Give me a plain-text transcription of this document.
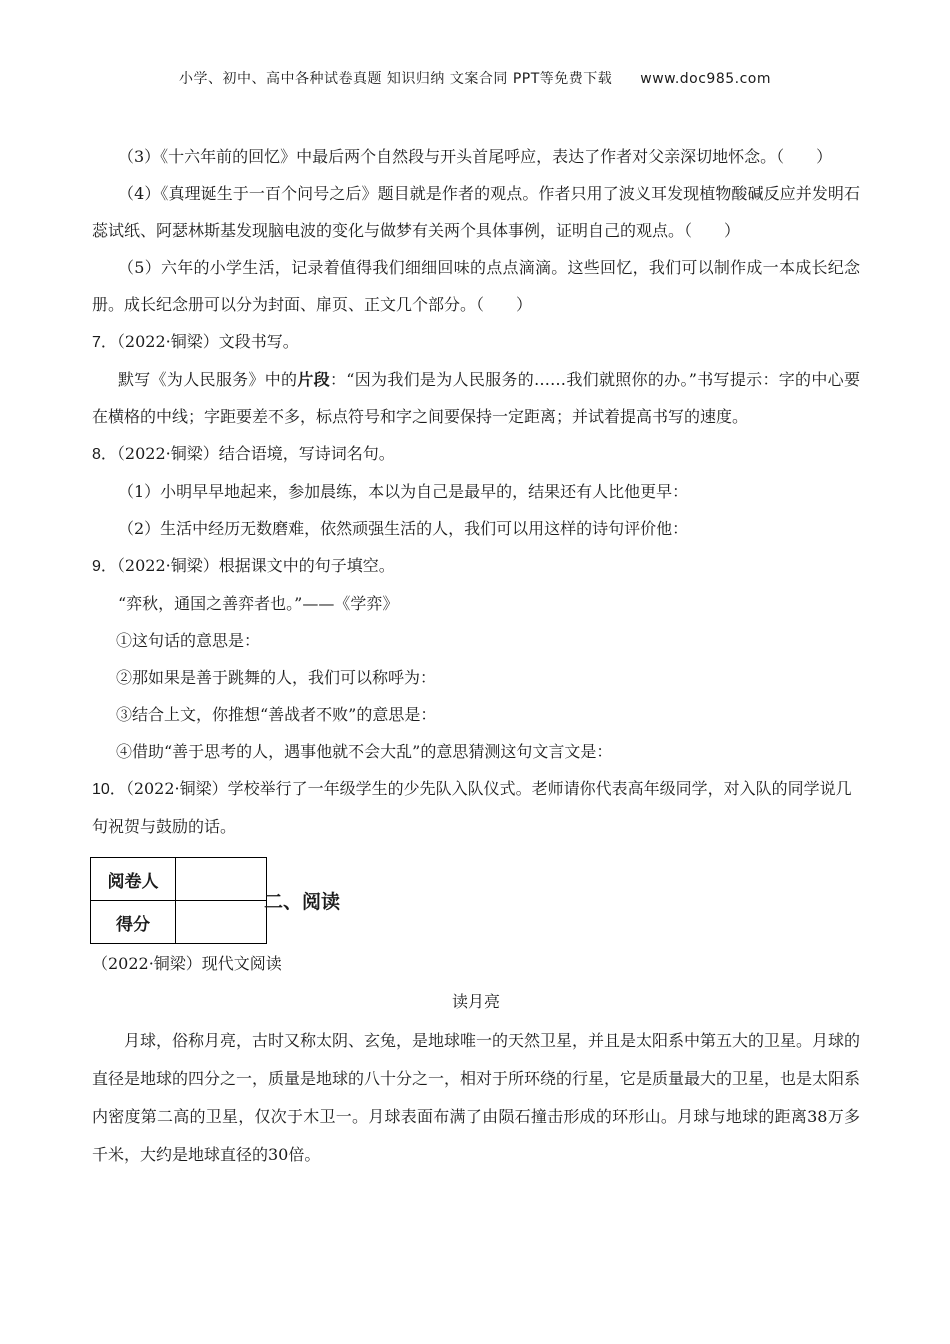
小学、初中、高中各种试卷真题 知识归纳 文案合同 PPT等免费下载 www.doc985.com

（3）《十六年前的回忆》中最后两个自然段与开头首尾呼应，表达了作者对父亲深切地怀念。（　　）

（4）《真理诞生于一百个问号之后》题目就是作者的观点。作者只用了波义耳发现植物酸碱反应并发明石蕊试纸、阿瑟林斯基发现脑电波的变化与做梦有关两个具体事例，证明自己的观点。（　　）

（5）六年的小学生活，记录着值得我们细细回味的点点滴滴。这些回忆，我们可以制作成一本成长纪念册。成长纪念册可以分为封面、扉页、正文几个部分。（　　）

7．（2022·铜梁）文段书写。

默写《为人民服务》中的片段：“因为我们是为人民服务的……我们就照你的办。”书写提示：字的中心要在横格的中线；字距要差不多，标点符号和字之间要保持一定距离；并试着提高书写的速度。

8．（2022·铜梁）结合语境，写诗词名句。

（1）小明早早地起来，参加晨练，本以为自己是最早的，结果还有人比他更早：

（2）生活中经历无数磨难，依然顽强生活的人，我们可以用这样的诗句评价他：

9．（2022·铜梁）根据课文中的句子填空。

“弈秋，通国之善弈者也。”——《学弈》

①这句话的意思是：

②那如果是善于跳舞的人，我们可以称呼为：

③结合上文，你推想“善战者不败”的意思是：

④借助“善于思考的人，遇事他就不会大乱”的意思猜测这句文言文是：

10．（2022·铜梁）学校举行了一年级学生的少先队入队仪式。老师请你代表高年级同学，对入队的同学说几句祝贺与鼓励的话。

阅卷人	
得分	
二、阅读

（2022·铜梁）现代文阅读

读月亮

月球，俗称月亮，古时又称太阴、玄兔，是地球唯一的天然卫星，并且是太阳系中第五大的卫星。月球的直径是地球的四分之一，质量是地球的八十分之一，相对于所环绕的行星，它是质量最大的卫星，也是太阳系内密度第二高的卫星，仅次于木卫一。月球表面布满了由陨石撞击形成的环形山。月球与地球的距离38万多千米，大约是地球直径的30倍。
